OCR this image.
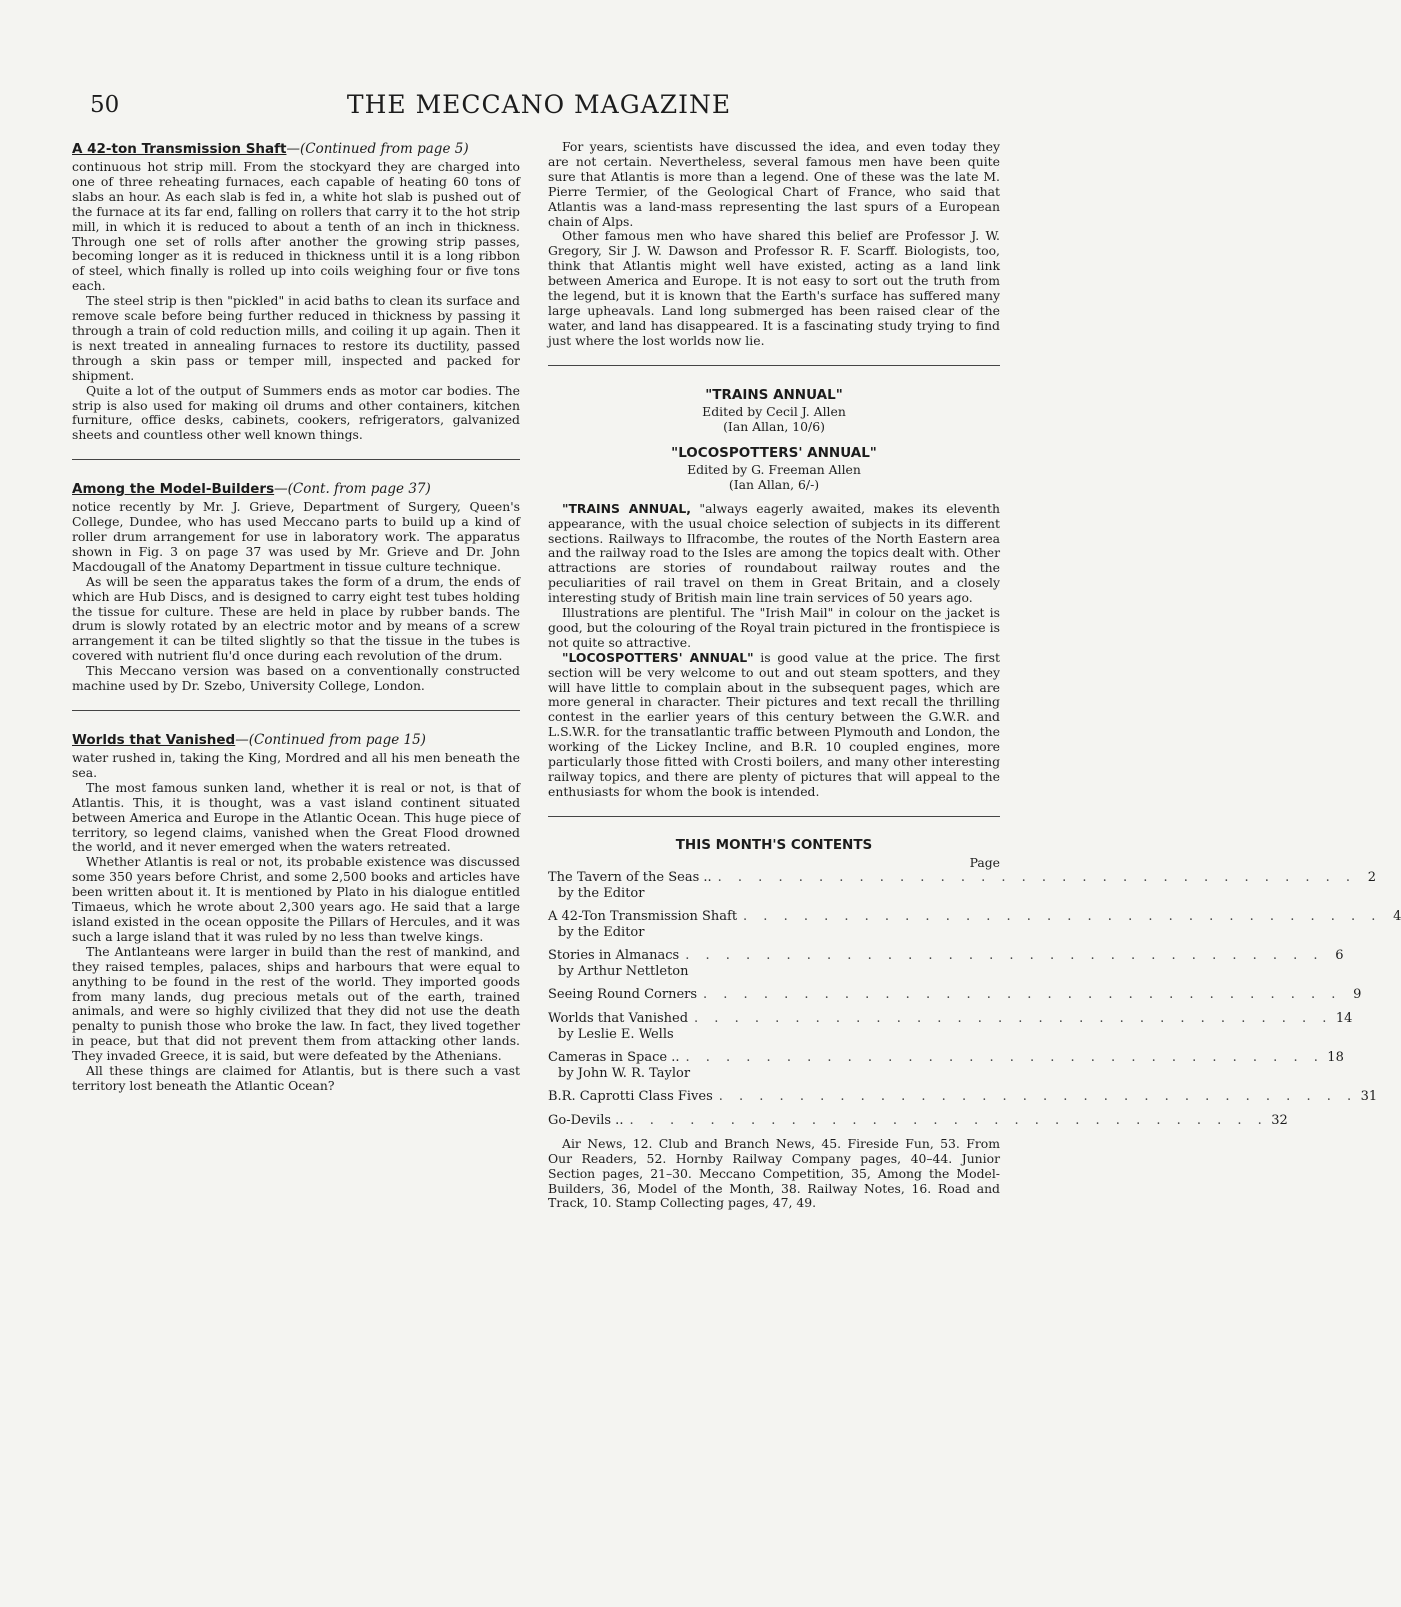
50	THE MECCANO MAGAZINE
A 42-ton Transmission Shaft—(Continued from page 5)

continuous hot strip mill. From the stockyard they are charged into one of three reheating furnaces, each capable of heating 60 tons of slabs an hour. As each slab is fed in, a white hot slab is pushed out of the furnace at its far end, falling on rollers that carry it to the hot strip mill, in which it is reduced to about a tenth of an inch in thickness. Through one set of rolls after another the growing strip passes, becoming longer as it is reduced in thickness until it is a long ribbon of steel, which finally is rolled up into coils weighing four or five tons each.

The steel strip is then "pickled" in acid baths to clean its surface and remove scale before being further reduced in thickness by passing it through a train of cold reduction mills, and coiling it up again. Then it is next treated in annealing furnaces to restore its ductility, passed through a skin pass or temper mill, inspected and packed for shipment.

Quite a lot of the output of Summers ends as motor car bodies. The strip is also used for making oil drums and other containers, kitchen furniture, office desks, cabinets, cookers, refrigerators, galvanized sheets and countless other well known things.

Among the Model-Builders—(Cont. from page 37)

notice recently by Mr. J. Grieve, Department of Surgery, Queen's College, Dundee, who has used Meccano parts to build up a kind of roller drum arrangement for use in laboratory work. The apparatus shown in Fig. 3 on page 37 was used by Mr. Grieve and Dr. John Macdougall of the Anatomy Department in tissue culture technique.

As will be seen the apparatus takes the form of a drum, the ends of which are Hub Discs, and is designed to carry eight test tubes holding the tissue for culture. These are held in place by rubber bands. The drum is slowly rotated by an electric motor and by means of a screw arrangement it can be tilted slightly so that the tissue in the tubes is covered with nutrient flu'd once during each revolution of the drum.

This Meccano version was based on a conventionally constructed machine used by Dr. Szebo, University College, London.

Worlds that Vanished—(Continued from page 15)

water rushed in, taking the King, Mordred and all his men beneath the sea.

The most famous sunken land, whether it is real or not, is that of Atlantis. This, it is thought, was a vast island continent situated between America and Europe in the Atlantic Ocean. This huge piece of territory, so legend claims, vanished when the Great Flood drowned the world, and it never emerged when the waters retreated.

Whether Atlantis is real or not, its probable existence was discussed some 350 years before Christ, and some 2,500 books and articles have been written about it. It is mentioned by Plato in his dialogue entitled Timaeus, which he wrote about 2,300 years ago. He said that a large island existed in the ocean opposite the Pillars of Hercules, and it was such a large island that it was ruled by no less than twelve kings.

The Antlanteans were larger in build than the rest of mankind, and they raised temples, palaces, ships and harbours that were equal to anything to be found in the rest of the world. They imported goods from many lands, dug precious metals out of the earth, trained animals, and were so highly civilized that they did not use the death penalty to punish those who broke the law. In fact, they lived together in peace, but that did not prevent them from attacking other lands. They invaded Greece, it is said, but were defeated by the Athenians.

All these things are claimed for Atlantis, but is there such a vast territory lost beneath the Atlantic Ocean?

For years, scientists have discussed the idea, and even today they are not certain. Nevertheless, several famous men have been quite sure that Atlantis is more than a legend. One of these was the late M. Pierre Termier, of the Geological Chart of France, who said that Atlantis was a land-mass representing the last spurs of a European chain of Alps.

Other famous men who have shared this belief are Professor J. W. Gregory, Sir J. W. Dawson and Professor R. F. Scarff. Biologists, too, think that Atlantis might well have existed, acting as a land link between America and Europe. It is not easy to sort out the truth from the legend, but it is known that the Earth's surface has suffered many large upheavals. Land long submerged has been raised clear of the water, and land has disappeared. It is a fascinating study trying to find just where the lost worlds now lie.

"TRAINS ANNUAL"
Edited by Cecil J. Allen
(Ian Allan, 10/6)
"LOCOSPOTTERS' ANNUAL"
Edited by G. Freeman Allen
(Ian Allan, 6/-)

"TRAINS ANNUAL, "always eagerly awaited, makes its eleventh appearance, with the usual choice selection of subjects in its different sections. Railways to Ilfracombe, the routes of the North Eastern area and the railway road to the Isles are among the topics dealt with. Other attractions are stories of roundabout railway routes and the peculiarities of rail travel on them in Great Britain, and a closely interesting study of British main line train services of 50 years ago.

Illustrations are plentiful. The "Irish Mail" in colour on the jacket is good, but the colouring of the Royal train pictured in the frontispiece is not quite so attractive.

"LOCOSPOTTERS' ANNUAL" is good value at the price. The first section will be very welcome to out and out steam spotters, and they will have little to complain about in the subsequent pages, which are more general in character. Their pictures and text recall the thrilling contest in the earlier years of this century between the G.W.R. and L.S.W.R. for the transatlantic traffic between Plymouth and London, the working of the Lickey Incline, and B.R. 10 coupled engines, more particularly those fitted with Crosti boilers, and many other interesting railway topics, and there are plenty of pictures that will appeal to the enthusiasts for whom the book is intended.

THIS MONTH'S CONTENTS
Page
The Tavern of the Seas .. . . . . . . . . . . . . . . . . . . . . . . . . . . . . . . . . 2
by the Editor
A 42-Ton Transmission Shaft . . . . . . . . . . . . . . . . . . . . . . . . . . . . . . . . 4
by the Editor
Stories in Almanacs . . . . . . . . . . . . . . . . . . . . . . . . . . . . . . . . 6
by Arthur Nettleton
Seeing Round Corners . . . . . . . . . . . . . . . . . . . . . . . . . . . . . . . . 9
Worlds that Vanished . . . . . . . . . . . . . . . . . . . . . . . . . . . . . . . . 14
by Leslie E. Wells
Cameras in Space .. . . . . . . . . . . . . . . . . . . . . . . . . . . . . . . . . 18
by John W. R. Taylor
B.R. Caprotti Class Fives . . . . . . . . . . . . . . . . . . . . . . . . . . . . . . . . 31
Go-Devils .. . . . . . . . . . . . . . . . . . . . . . . . . . . . . . . . . 32

Air News, 12. Club and Branch News, 45. Fireside Fun, 53. From Our Readers, 52. Hornby Railway Company pages, 40–44. Junior Section pages, 21–30. Meccano Competition, 35, Among the Model-Builders, 36, Model of the Month, 38. Railway Notes, 16. Road and Track, 10. Stamp Collecting pages, 47, 49.
